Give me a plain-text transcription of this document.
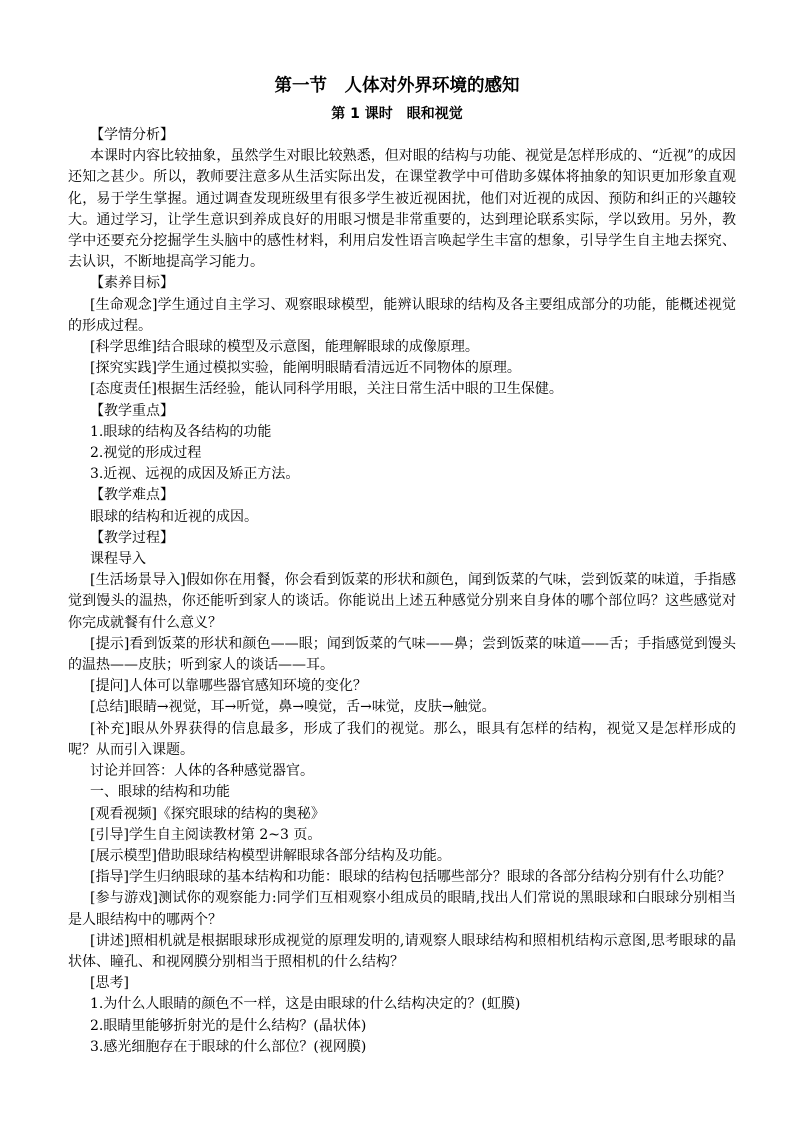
第一节　人体对外界环境的感知
第 1 课时　眼和视觉

【学情分析】

本课时内容比较抽象，虽然学生对眼比较熟悉，但对眼的结构与功能、视觉是怎样形成的、“近视”的成因还知之甚少。所以，教师要注意多从生活实际出发，在课堂教学中可借助多媒体将抽象的知识更加形象直观化，易于学生掌握。通过调查发现班级里有很多学生被近视困扰，他们对近视的成因、预防和纠正的兴趣较大。通过学习，让学生意识到养成良好的用眼习惯是非常重要的，达到理论联系实际，学以致用。另外，教学中还要充分挖掘学生头脑中的感性材料，利用启发性语言唤起学生丰富的想象，引导学生自主地去探究、去认识，不断地提高学习能力。

【素养目标】

[生命观念]学生通过自主学习、观察眼球模型，能辨认眼球的结构及各主要组成部分的功能，能概述视觉的形成过程。

[科学思维]结合眼球的模型及示意图，能理解眼球的成像原理。

[探究实践]学生通过模拟实验，能阐明眼睛看清远近不同物体的原理。

[态度责任]根据生活经验，能认同科学用眼，关注日常生活中眼的卫生保健。

【教学重点】

1.眼球的结构及各结构的功能

2.视觉的形成过程

3.近视、远视的成因及矫正方法。

【教学难点】

眼球的结构和近视的成因。

【教学过程】

课程导入

[生活场景导入]假如你在用餐，你会看到饭菜的形状和颜色，闻到饭菜的气味，尝到饭菜的味道，手指感觉到馒头的温热，你还能听到家人的谈话。你能说出上述五种感觉分别来自身体的哪个部位吗？这些感觉对你完成就餐有什么意义？

[提示]看到饭菜的形状和颜色——眼；闻到饭菜的气味——鼻；尝到饭菜的味道——舌；手指感觉到馒头的温热——皮肤；听到家人的谈话——耳。

[提问]人体可以靠哪些器官感知环境的变化？

[总结]眼睛→视觉，耳→听觉，鼻→嗅觉，舌→味觉，皮肤→触觉。

[补充]眼从外界获得的信息最多，形成了我们的视觉。那么，眼具有怎样的结构，视觉又是怎样形成的呢？从而引入课题。

讨论并回答：人体的各种感觉器官。

一、眼球的结构和功能

[观看视频]《探究眼球的结构的奥秘》

[引导]学生自主阅读教材第 2~3 页。

[展示模型]借助眼球结构模型讲解眼球各部分结构及功能。

[指导]学生归纳眼球的基本结构和功能：眼球的结构包括哪些部分？眼球的各部分结构分别有什么功能？

[参与游戏]测试你的观察能力:同学们互相观察小组成员的眼睛,找出人们常说的黑眼球和白眼球分别相当是人眼结构中的哪两个？

[讲述]照相机就是根据眼球形成视觉的原理发明的,请观察人眼球结构和照相机结构示意图,思考眼球的晶状体、瞳孔、和视网膜分别相当于照相机的什么结构？

[思考]

1.为什么人眼睛的颜色不一样，这是由眼球的什么结构决定的？(虹膜)

2.眼睛里能够折射光的是什么结构？(晶状体)

3.感光细胞存在于眼球的什么部位？(视网膜)
